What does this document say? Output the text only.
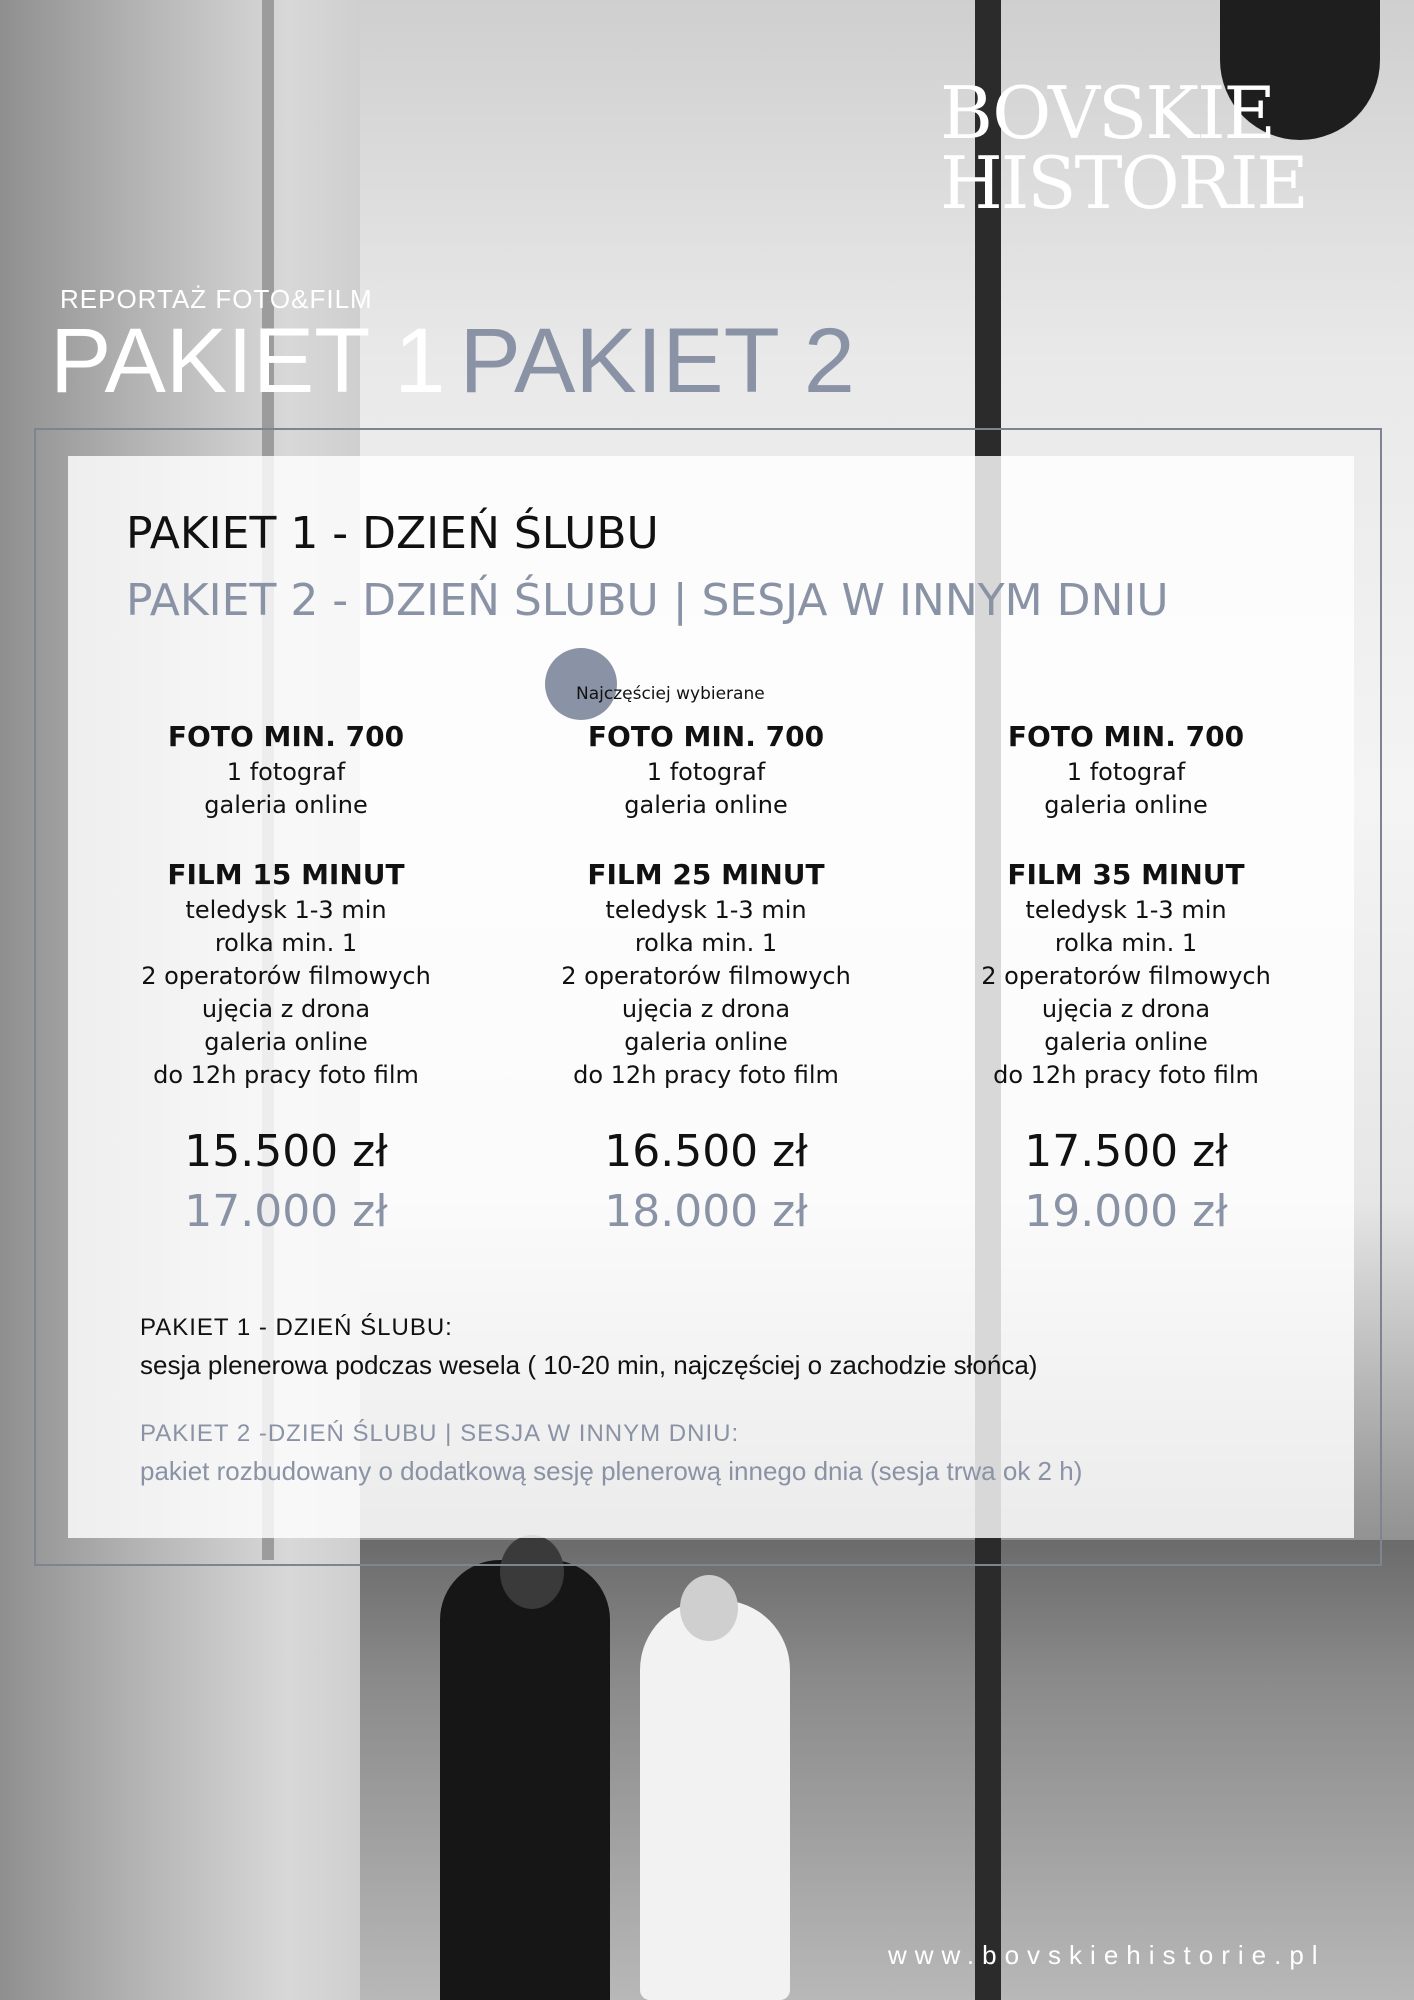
BOVSKIE
HISTORIE
REPORTAŻ FOTO&FILM
PAKIET 1 PAKIET 2
PAKIET 1 - DZIEŃ ŚLUBU
PAKIET 2 - DZIEŃ ŚLUBU | SESJA W INNYM DNIU
Najczęściej wybierane
FOTO MIN. 700
1 fotograf
galeria online
FILM 15 MINUT
teledysk 1-3 min
rolka min. 1
2 operatorów filmowych
ujęcia z drona
galeria online
do 12h pracy foto film
15.500 zł
17.000 zł
FOTO MIN. 700
1 fotograf
galeria online
FILM 25 MINUT
teledysk 1-3 min
rolka min. 1
2 operatorów filmowych
ujęcia z drona
galeria online
do 12h pracy foto film
16.500 zł
18.000 zł
FOTO MIN. 700
1 fotograf
galeria online
FILM 35 MINUT
teledysk 1-3 min
rolka min. 1
2 operatorów filmowych
ujęcia z drona
galeria online
do 12h pracy foto film
17.500 zł
19.000 zł
PAKIET 1 - DZIEŃ ŚLUBU:
sesja plenerowa podczas wesela ( 10-20 min, najczęściej o zachodzie słońca)
PAKIET 2 -DZIEŃ ŚLUBU | SESJA W INNYM DNIU:
pakiet rozbudowany o dodatkową sesję plenerową innego dnia (sesja trwa ok 2 h)
www.bovskiehistorie.pl
